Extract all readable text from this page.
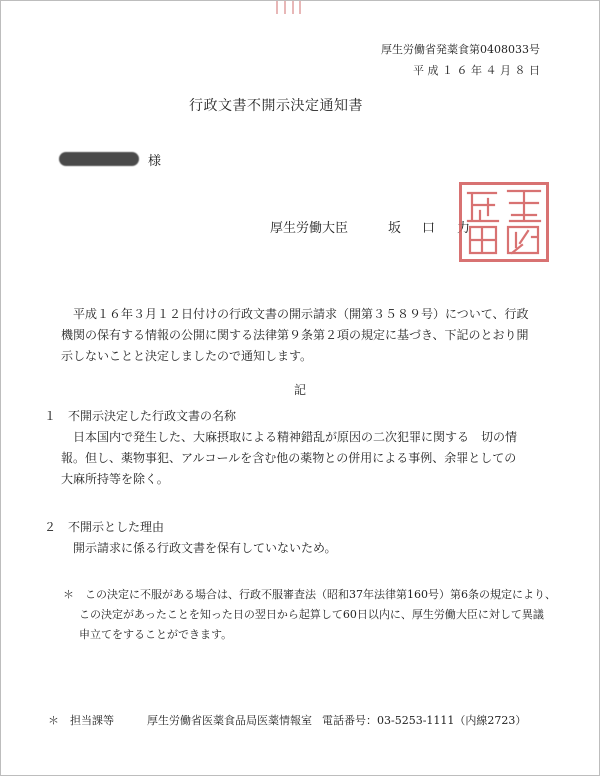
厚生労働省発薬食第0408033号
平 成 １ ６ 年 ４ 月 ８ 日
行政文書不開示決定通知書
様
厚生労働大臣	坂 口 力
平成１６年３月１２日付けの行政文書の開示請求（開第３５８９号）について、行政
機関の保有する情報の公開に関する法律第９条第２項の規定に基づき、下記のとおり開
示しないことと決定しましたので通知します。
記
１ 不開示決定した行政文書の名称
日本国内で発生した、大麻摂取による精神錯乱が原因の二次犯罪に関する　切の情
報。但し、薬物事犯、アルコールを含む他の薬物との併用による事例、余罪としての
大麻所持等を除く。
２ 不開示とした理由
開示請求に係る行政文書を保有していないため。
＊　この決定に不服がある場合は、行政不服審査法（昭和37年法律第160号）第6条の規定により、
この決定があったことを知った日の翌日から起算して60日以内に、厚生労働大臣に対して異議
申立てをすることができます。
＊　担当課等	厚生労働省医薬食品局医薬情報室 電話番号：03-5253-1111（内線2723）
